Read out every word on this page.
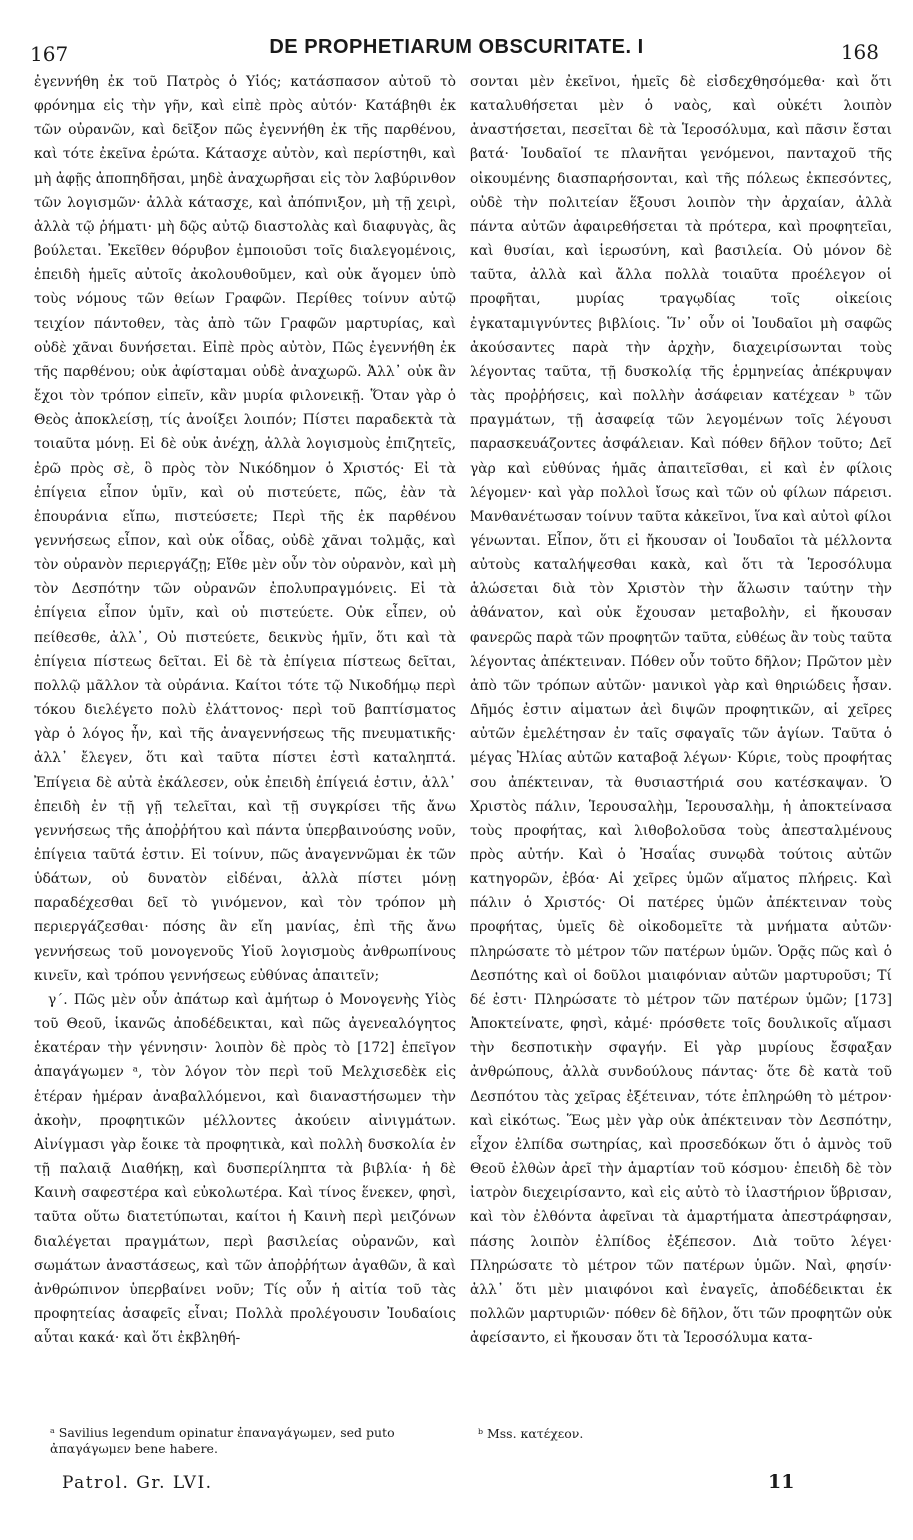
167	DE PROPHETIARUM OBSCURITATE. I	168

ἐγεννήθη ἐκ τοῦ Πατρὸς ὁ Υἱός; κατάσπασον αὐτοῦ τὸ φρόνημα εἰς τὴν γῆν, καὶ εἰπὲ πρὸς αὐτόν· Κατάβηθι ἐκ τῶν οὐρανῶν, καὶ δεῖξον πῶς ἐγεννήθη ἐκ τῆς παρθένου, καὶ τότε ἐκεῖνα ἐρώτα. Κάτασχε αὐτὸν, καὶ περίστηθι, καὶ μὴ ἀφῇς ἀποπηδῆσαι, μηδὲ ἀναχωρῆσαι εἰς τὸν λαβύρινθον τῶν λογισμῶν· ἀλλὰ κάτασχε, καὶ ἀπόπνιξον, μὴ τῇ χειρὶ, ἀλλὰ τῷ ῥήματι· μὴ δῷς αὐτῷ διαστολὰς καὶ διαφυγὰς, ἃς βούλεται. Ἐκεῖθεν θόρυβον ἐμποιοῦσι τοῖς διαλεγομένοις, ἐπειδὴ ἡμεῖς αὐτοῖς ἀκολουθοῦμεν, καὶ οὐκ ἄγομεν ὑπὸ τοὺς νόμους τῶν θείων Γραφῶν. Περίθες τοίνυν αὐτῷ τειχίον πάντοθεν, τὰς ἀπὸ τῶν Γραφῶν μαρτυρίας, καὶ οὐδὲ χᾶναι δυνήσεται. Εἰπὲ πρὸς αὐτὸν, Πῶς ἐγεννήθη ἐκ τῆς παρθένου; οὐκ ἀφίσταμαι οὐδὲ ἀναχωρῶ. Ἀλλ᾽ οὐκ ἂν ἔχοι τὸν τρόπον εἰπεῖν, κἂν μυρία φιλονεικῇ. Ὅταν γὰρ ὁ Θεὸς ἀποκλείσῃ, τίς ἀνοίξει λοιπόν; Πίστει παραδεκτὰ τὰ τοιαῦτα μόνῃ. Εἰ δὲ οὐκ ἀνέχῃ, ἀλλὰ λογισμοὺς ἐπιζητεῖς, ἐρῶ πρὸς σὲ, ὃ πρὸς τὸν Νικόδημον ὁ Χριστός· Εἰ τὰ ἐπίγεια εἶπον ὑμῖν, καὶ οὐ πιστεύετε, πῶς, ἐὰν τὰ ἐπουράνια εἴπω, πιστεύσετε; Περὶ τῆς ἐκ παρθένου γεννήσεως εἶπον, καὶ οὐκ οἶδας, οὐδὲ χᾶναι τολμᾷς, καὶ τὸν οὐρανὸν περιεργάζῃ; Εἴθε μὲν οὖν τὸν οὐρανὸν, καὶ μὴ τὸν Δεσπότην τῶν οὐρανῶν ἐπολυπραγμόνεις. Εἰ τὰ ἐπίγεια εἶπον ὑμῖν, καὶ οὐ πιστεύετε. Οὐκ εἶπεν, οὐ πείθεσθε, ἀλλ᾽, Οὐ πιστεύετε, δεικνὺς ἡμῖν, ὅτι καὶ τὰ ἐπίγεια πίστεως δεῖται. Εἰ δὲ τὰ ἐπίγεια πίστεως δεῖται, πολλῷ μᾶλλον τὰ οὐράνια. Καίτοι τότε τῷ Νικοδήμῳ περὶ τόκου διελέγετο πολὺ ἐλάττονος· περὶ τοῦ βαπτίσματος γὰρ ὁ λόγος ἦν, καὶ τῆς ἀναγεννήσεως τῆς πνευματικῆς· ἀλλ᾽ ἔλεγεν, ὅτι καὶ ταῦτα πίστει ἐστὶ καταληπτά. Ἐπίγεια δὲ αὐτὰ ἐκάλεσεν, οὐκ ἐπειδὴ ἐπίγειά ἐστιν, ἀλλ᾽ ἐπειδὴ ἐν τῇ γῇ τελεῖται, καὶ τῇ συγκρίσει τῆς ἄνω γεννήσεως τῆς ἀποῤῥήτου καὶ πάντα ὑπερβαινούσης νοῦν, ἐπίγεια ταῦτά ἐστιν. Εἰ τοίνυν, πῶς ἀναγεννῶμαι ἐκ τῶν ὑδάτων, οὐ δυνατὸν εἰδέναι, ἀλλὰ πίστει μόνῃ παραδέχεσθαι δεῖ τὸ γινόμενον, καὶ τὸν τρόπον μὴ περιεργάζεσθαι· πόσης ἂν εἴη μανίας, ἐπὶ τῆς ἄνω γεννήσεως τοῦ μονογενοῦς Υἱοῦ λογισμοὺς ἀνθρωπίνους κινεῖν, καὶ τρόπου γεννήσεως εὐθύνας ἀπαιτεῖν;

γ΄. Πῶς μὲν οὖν ἀπάτωρ καὶ ἀμήτωρ ὁ Μονογενὴς Υἱὸς τοῦ Θεοῦ, ἱκανῶς ἀποδέδεικται, καὶ πῶς ἀγενεαλόγητος ἑκατέραν τὴν γέννησιν· λοιπὸν δὲ πρὸς τὸ [172] ἐπεῖγον ἀπαγάγωμεν ᵃ, τὸν λόγον τὸν περὶ τοῦ Μελχισεδὲκ εἰς ἑτέραν ἡμέραν ἀναβαλλόμενοι, καὶ διαναστήσωμεν τὴν ἀκοὴν, προφητικῶν μέλλοντες ἀκούειν αἰνιγμάτων. Αἰνίγμασι γὰρ ἔοικε τὰ προφητικὰ, καὶ πολλὴ δυσκολία ἐν τῇ παλαιᾷ Διαθήκῃ, καὶ δυσπερίληπτα τὰ βιβλία· ἡ δὲ Καινὴ σαφεστέρα καὶ εὐκολωτέρα. Καὶ τίνος ἕνεκεν, φησὶ, ταῦτα οὕτω διατετύπωται, καίτοι ἡ Καινὴ περὶ μειζόνων διαλέγεται πραγμάτων, περὶ βασιλείας οὐρανῶν, καὶ σωμάτων ἀναστάσεως, καὶ τῶν ἀποῤῥήτων ἀγαθῶν, ἃ καὶ ἀνθρώπινον ὑπερβαίνει νοῦν; Τίς οὖν ἡ αἰτία τοῦ τὰς προφητείας ἀσαφεῖς εἶναι; Πολλὰ προλέγουσιν Ἰουδαίοις αὗται κακά· καὶ ὅτι ἐκβληθή-

σονται μὲν ἐκεῖνοι, ἡμεῖς δὲ εἰσδεχθησόμεθα· καὶ ὅτι καταλυθήσεται μὲν ὁ ναὸς, καὶ οὐκέτι λοιπὸν ἀναστήσεται, πεσεῖται δὲ τὰ Ἱεροσόλυμα, καὶ πᾶσιν ἔσται βατά· Ἰουδαῖοί τε πλανῆται γενόμενοι, πανταχοῦ τῆς οἰκουμένης διασπαρήσονται, καὶ τῆς πόλεως ἐκπεσόντες, οὐδὲ τὴν πολιτείαν ἕξουσι λοιπὸν τὴν ἀρχαίαν, ἀλλὰ πάντα αὐτῶν ἀφαιρεθήσεται τὰ πρότερα, καὶ προφητεῖαι, καὶ θυσίαι, καὶ ἱερωσύνη, καὶ βασιλεία. Οὐ μόνον δὲ ταῦτα, ἀλλὰ καὶ ἄλλα πολλὰ τοιαῦτα προέλεγον οἱ προφῆται, μυρίας τραγῳδίας τοῖς οἰκείοις ἐγκαταμιγνύντες βιβλίοις. Ἵν᾽ οὖν οἱ Ἰουδαῖοι μὴ σαφῶς ἀκούσαντες παρὰ τὴν ἀρχὴν, διαχειρίσωνται τοὺς λέγοντας ταῦτα, τῇ δυσκολίᾳ τῆς ἑρμηνείας ἀπέκρυψαν τὰς προῤῥήσεις, καὶ πολλὴν ἀσάφειαν κατέχεαν ᵇ τῶν πραγμάτων, τῇ ἀσαφείᾳ τῶν λεγομένων τοῖς λέγουσι παρασκευάζοντες ἀσφάλειαν. Καὶ πόθεν δῆλον τοῦτο; Δεῖ γὰρ καὶ εὐθύνας ἡμᾶς ἀπαιτεῖσθαι, εἰ καὶ ἐν φίλοις λέγομεν· καὶ γὰρ πολλοὶ ἴσως καὶ τῶν οὐ φίλων πάρεισι. Μανθανέτωσαν τοίνυν ταῦτα κἀκεῖνοι, ἵνα καὶ αὐτοὶ φίλοι γένωνται. Εἶπον, ὅτι εἰ ἤκουσαν οἱ Ἰουδαῖοι τὰ μέλλοντα αὐτοὺς καταλήψεσθαι κακὰ, καὶ ὅτι τὰ Ἱεροσόλυμα ἁλώσεται διὰ τὸν Χριστὸν τὴν ἅλωσιν ταύτην τὴν ἀθάνατον, καὶ οὐκ ἔχουσαν μεταβολὴν, εἰ ἤκουσαν φανερῶς παρὰ τῶν προφητῶν ταῦτα, εὐθέως ἂν τοὺς ταῦτα λέγοντας ἀπέκτειναν. Πόθεν οὖν τοῦτο δῆλον; Πρῶτον μὲν ἀπὸ τῶν τρόπων αὐτῶν· μανικοὶ γὰρ καὶ θηριώδεις ἦσαν. Δῆμός ἐστιν αἱματων ἀεὶ διψῶν προφητικῶν, αἱ χεῖρες αὐτῶν ἐμελέτησαν ἐν ταῖς σφαγαῖς τῶν ἁγίων. Ταῦτα ὁ μέγας Ἠλίας αὐτῶν καταβοᾷ λέγων· Κύριε, τοὺς προφήτας σου ἀπέκτειναν, τὰ θυσιαστήριά σου κατέσκαψαν. Ὁ Χριστὸς πάλιν, Ἱερουσαλὴμ, Ἱερουσαλὴμ, ἡ ἀποκτείνασα τοὺς προφήτας, καὶ λιθοβολοῦσα τοὺς ἀπεσταλμένους πρὸς αὐτήν. Καὶ ὁ Ἠσαΐας συνῳδὰ τούτοις αὐτῶν κατηγορῶν, ἐβόα· Αἱ χεῖρες ὑμῶν αἵματος πλήρεις. Καὶ πάλιν ὁ Χριστός· Οἱ πατέρες ὑμῶν ἀπέκτειναν τοὺς προφήτας, ὑμεῖς δὲ οἰκοδομεῖτε τὰ μνήματα αὐτῶν· πληρώσατε τὸ μέτρον τῶν πατέρων ὑμῶν. Ὁρᾷς πῶς καὶ ὁ Δεσπότης καὶ οἱ δοῦλοι μιαιφόνιαν αὐτῶν μαρτυροῦσι; Τί δέ ἐστι· Πληρώσατε τὸ μέτρον τῶν πατέρων ὑμῶν; [173] Ἀποκτείνατε, φησὶ, κἀμέ· πρόσθετε τοῖς δουλικοῖς αἵμασι τὴν δεσποτικὴν σφαγήν. Εἰ γὰρ μυρίους ἔσφαξαν ἀνθρώπους, ἀλλὰ συνδούλους πάντας· ὅτε δὲ κατὰ τοῦ Δεσπότου τὰς χεῖρας ἐξέτειναν, τότε ἐπληρώθη τὸ μέτρον· καὶ εἰκότως. Ἕως μὲν γὰρ οὐκ ἀπέκτειναν τὸν Δεσπότην, εἶχον ἐλπίδα σωτηρίας, καὶ προσεδόκων ὅτι ὁ ἀμνὸς τοῦ Θεοῦ ἐλθὼν ἀρεῖ τὴν ἁμαρτίαν τοῦ κόσμου· ἐπειδὴ δὲ τὸν ἰατρὸν διεχειρίσαντο, καὶ εἰς αὐτὸ τὸ ἱλαστήριον ὕβρισαν, καὶ τὸν ἐλθόντα ἀφεῖναι τὰ ἁμαρτήματα ἀπεστράφησαν, πάσης λοιπὸν ἐλπίδος ἐξέπεσον. Διὰ τοῦτο λέγει· Πληρώσατε τὸ μέτρον τῶν πατέρων ὑμῶν. Ναὶ, φησίν· ἀλλ᾽ ὅτι μὲν μιαιφόνοι καὶ ἐναγεῖς, ἀποδέδεικται ἐκ πολλῶν μαρτυριῶν· πόθεν δὲ δῆλον, ὅτι τῶν προφητῶν οὐκ ἀφείσαντο, εἰ ἤκουσαν ὅτι τὰ Ἱεροσόλυμα κατα-

ᵃ Savilius legendum opinatur ἐπαναγάγωμεν, sed puto ἀπαγάγωμεν bene habere.
ᵇ Mss. κατέχεον.
Patrol. Gr. LVI.	11
